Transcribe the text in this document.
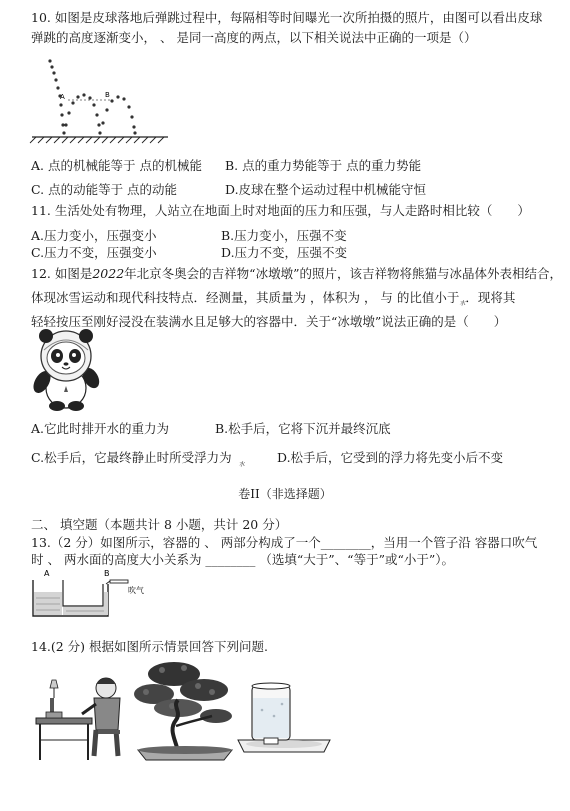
10. 如图是皮球落地后弹跳过程中，每隔相等时间曝光一次所拍摄的照片，由图可以看出皮球
弹跳的高度逐渐变小， 、 是同一高度的两点，以下相关说法中正确的一项是（）
A	B
A. 点的机械能等于 点的机械能 B. 点的重力势能等于 点的重力势能
C. 点的动能等于 点的动能	D.皮球在整个运动过程中机械能守恒
11. 生活处处有物理，人站立在地面上时对地面的压力和压强，与人走路时相比较（　　）
A.压力变小，压强变小	B.压力变小，压强不变
C.压力不变，压强变小	D.压力不变，压强不变
12. 如图是2022年北京冬奥会的吉祥物“冰墩墩”的照片，该吉祥物将熊猫与冰晶体外表相结合，
体现冰雪运动和现代科技特点．经测量，其质量为 ，体积为 ， 与 的比值小于$_水$．现将其
轻轻按压至刚好浸没在装满水且足够大的容器中．关于“冰墩墩”说法正确的是（　　）
A.它此时排开水的重力为	B.松手后，它将下沉并最终沉底
C.松手后，它最终静止时所受浮力为 $_水$	D.松手后，它受到的浮力将先变小后不变
卷II（非选择题）
二、 填空题（本题共计 8 小题，共计 20 分）
13.（2 分）如图所示，容器的 、 两部分构成了一个________，当用一个管子沿 容器口吹气
时 、 两水面的高度大小关系为 ________ （选填“大于”、“等于”或“小于”）。
A	B
吹气
14.(2 分) 根据如图所示情景回答下列问题.
